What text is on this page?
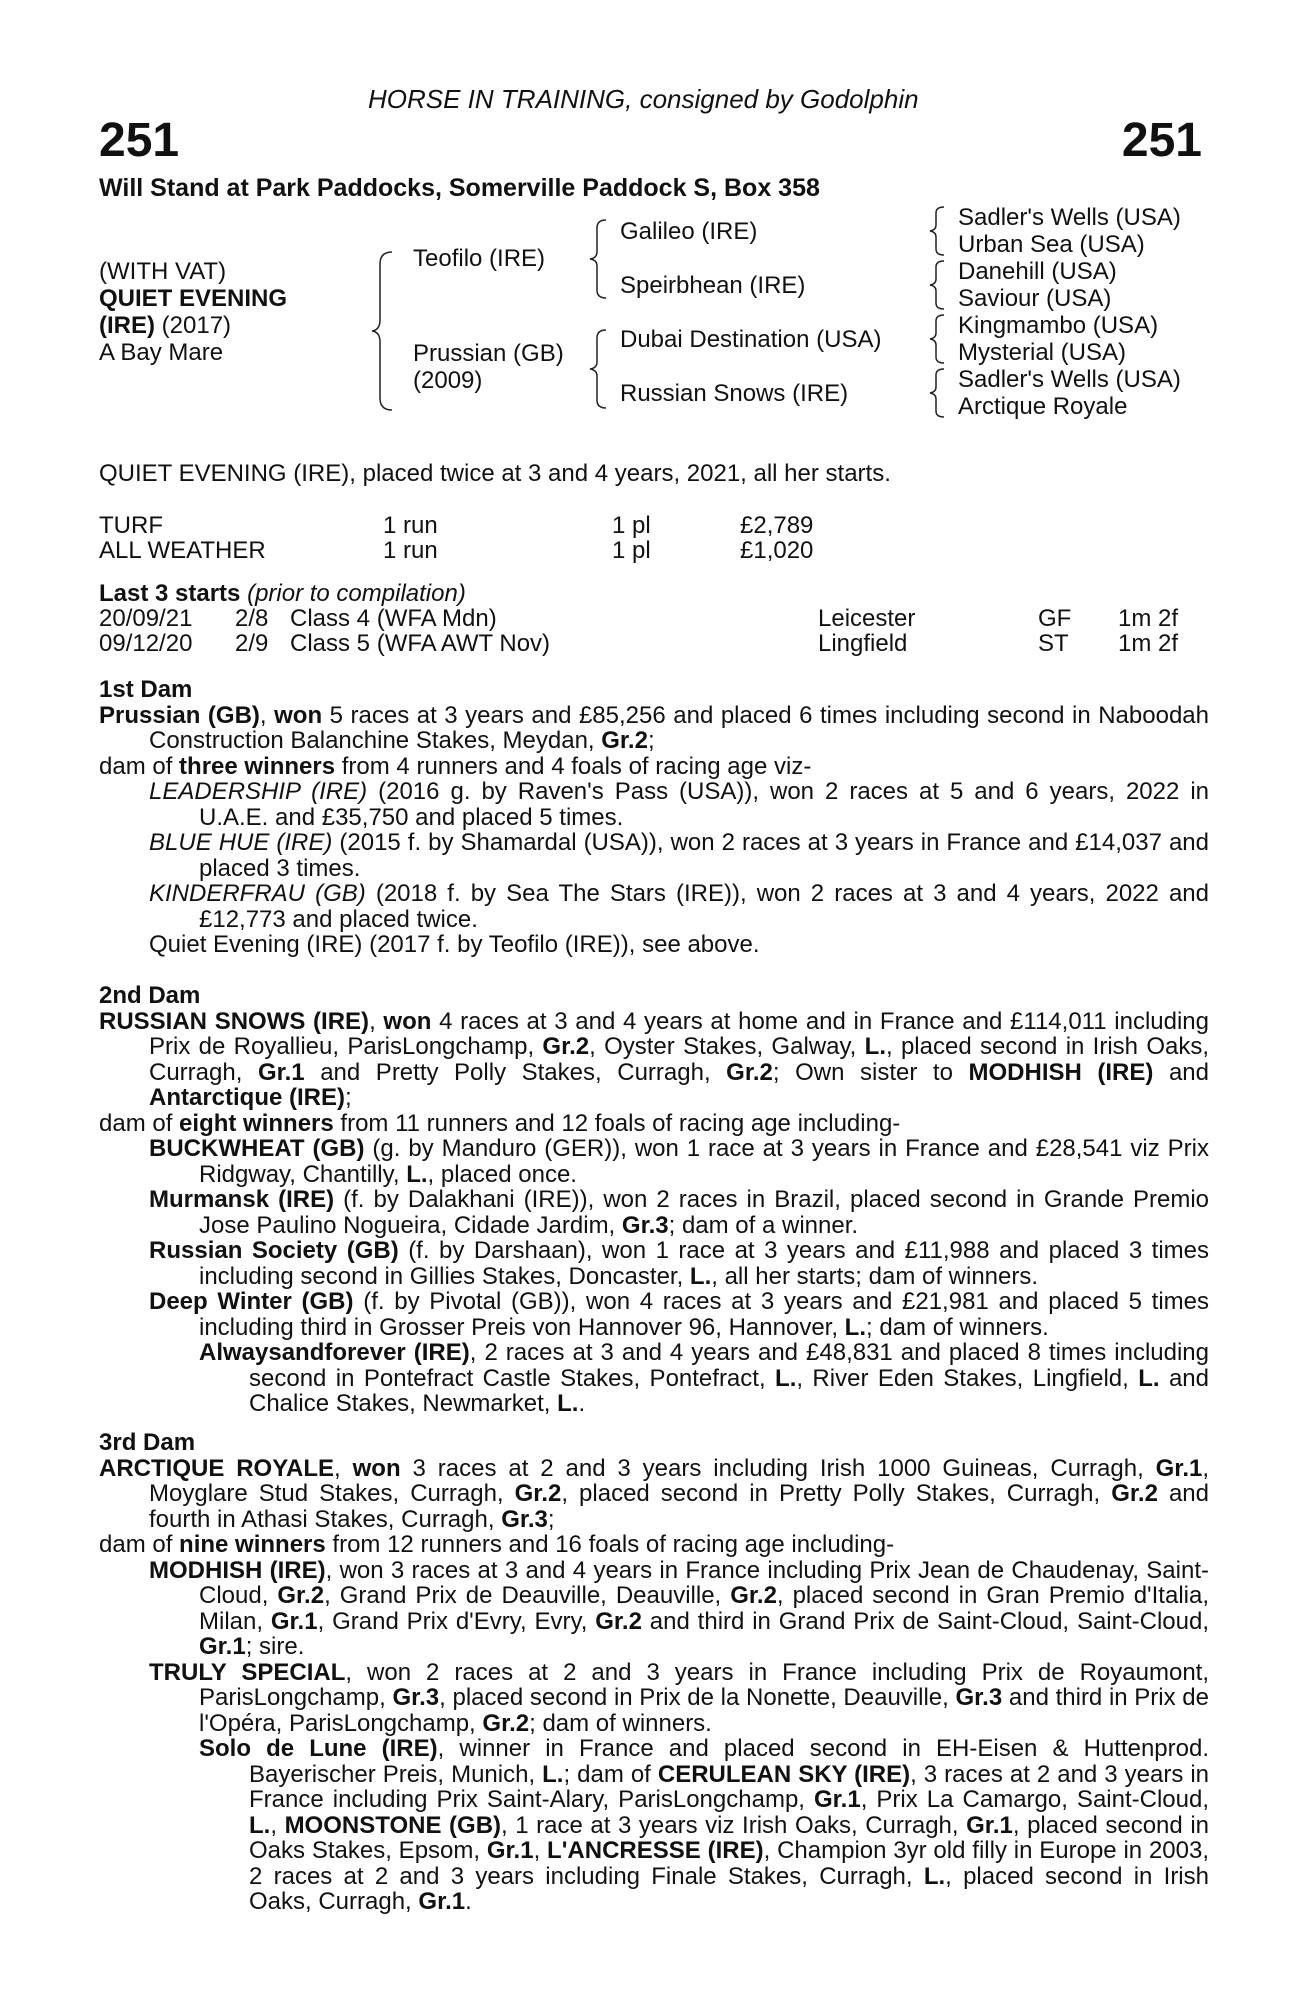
HORSE IN TRAINING, consigned by Godolphin
251	251
Will Stand at Park Paddocks, Somerville Paddock S, Box 358
(WITH VAT)
QUIET EVENING
(IRE) (2017)
A Bay Mare
Teofilo (IRE)
Prussian (GB)
(2009)
Galileo (IRE)
Speirbhean (IRE)
Dubai Destination (USA)
Russian Snows (IRE)
Sadler's Wells (USA)
Urban Sea (USA)
Danehill (USA)
Saviour (USA)
Kingmambo (USA)
Mysterial (USA)
Sadler's Wells (USA)
Arctique Royale
QUIET EVENING (IRE), placed twice at 3 and 4 years, 2021, all her starts.
TURF	1 run	1 pl	£2,789
ALL WEATHER	1 run	1 pl	£1,020
Last 3 starts (prior to compilation)
20/09/21 2/8 Class 4 (WFA Mdn)	Leicester	GF 1m 2f
09/12/20 2/9 Class 5 (WFA AWT Nov)	Lingfield	ST 1m 2f

1st Dam

Prussian (GB), won 5 races at 3 years and £85,256 and placed 6 times including second in Naboodah Construction Balanchine Stakes, Meydan, Gr.2;

dam of three winners from 4 runners and 4 foals of racing age viz-

LEADERSHIP (IRE) (2016 g. by Raven's Pass (USA)), won 2 races at 5 and 6 years, 2022 in U.A.E. and £35,750 and placed 5 times.

BLUE HUE (IRE) (2015 f. by Shamardal (USA)), won 2 races at 3 years in France and £14,037 and placed 3 times.

KINDERFRAU (GB) (2018 f. by Sea The Stars (IRE)), won 2 races at 3 and 4 years, 2022 and £12,773 and placed twice.

Quiet Evening (IRE) (2017 f. by Teofilo (IRE)), see above.

2nd Dam

RUSSIAN SNOWS (IRE), won 4 races at 3 and 4 years at home and in France and £114,011 including Prix de Royallieu, ParisLongchamp, Gr.2, Oyster Stakes, Galway, L., placed second in Irish Oaks, Curragh, Gr.1 and Pretty Polly Stakes, Curragh, Gr.2; Own sister to MODHISH (IRE) and Antarctique (IRE);

dam of eight winners from 11 runners and 12 foals of racing age including-

BUCKWHEAT (GB) (g. by Manduro (GER)), won 1 race at 3 years in France and £28,541 viz Prix Ridgway, Chantilly, L., placed once.

Murmansk (IRE) (f. by Dalakhani (IRE)), won 2 races in Brazil, placed second in Grande Premio Jose Paulino Nogueira, Cidade Jardim, Gr.3; dam of a winner.

Russian Society (GB) (f. by Darshaan), won 1 race at 3 years and £11,988 and placed 3 times including second in Gillies Stakes, Doncaster, L., all her starts; dam of winners.

Deep Winter (GB) (f. by Pivotal (GB)), won 4 races at 3 years and £21,981 and placed 5 times including third in Grosser Preis von Hannover 96, Hannover, L.; dam of winners.

Alwaysandforever (IRE), 2 races at 3 and 4 years and £48,831 and placed 8 times including second in Pontefract Castle Stakes, Pontefract, L., River Eden Stakes, Lingfield, L. and Chalice Stakes, Newmarket, L..

3rd Dam

ARCTIQUE ROYALE, won 3 races at 2 and 3 years including Irish 1000 Guineas, Curragh, Gr.1, Moyglare Stud Stakes, Curragh, Gr.2, placed second in Pretty Polly Stakes, Curragh, Gr.2 and fourth in Athasi Stakes, Curragh, Gr.3;

dam of nine winners from 12 runners and 16 foals of racing age including-

MODHISH (IRE), won 3 races at 3 and 4 years in France including Prix Jean de Chaudenay, Saint-Cloud, Gr.2, Grand Prix de Deauville, Deauville, Gr.2, placed second in Gran Premio d'Italia, Milan, Gr.1, Grand Prix d'Evry, Evry, Gr.2 and third in Grand Prix de Saint-Cloud, Saint-Cloud, Gr.1; sire.

TRULY SPECIAL, won 2 races at 2 and 3 years in France including Prix de Royaumont, ParisLongchamp, Gr.3, placed second in Prix de la Nonette, Deauville, Gr.3 and third in Prix de l'Opéra, ParisLongchamp, Gr.2; dam of winners.

Solo de Lune (IRE), winner in France and placed second in EH-Eisen & Huttenprod. Bayerischer Preis, Munich, L.; dam of CERULEAN SKY (IRE), 3 races at 2 and 3 years in France including Prix Saint-Alary, ParisLongchamp, Gr.1, Prix La Camargo, Saint-Cloud, L., MOONSTONE (GB), 1 race at 3 years viz Irish Oaks, Curragh, Gr.1, placed second in Oaks Stakes, Epsom, Gr.1, L'ANCRESSE (IRE), Champion 3yr old filly in Europe in 2003, 2 races at 2 and 3 years including Finale Stakes, Curragh, L., placed second in Irish Oaks, Curragh, Gr.1.
